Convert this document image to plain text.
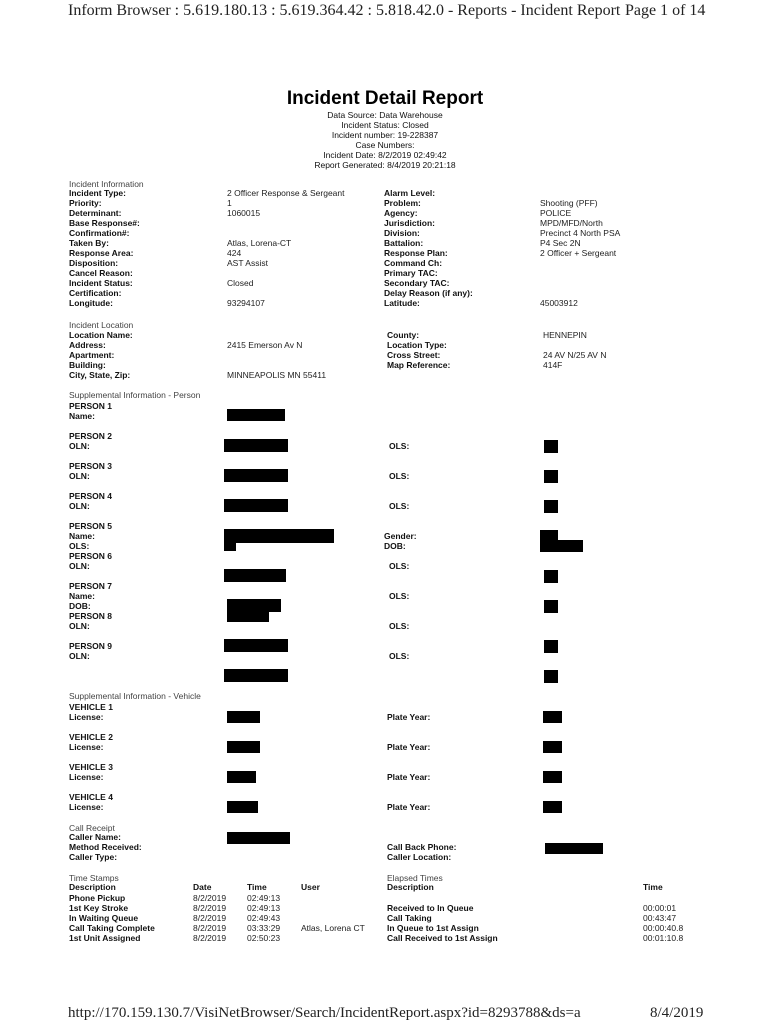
Inform Browser : 5.619.180.13 : 5.619.364.42 : 5.818.42.0 - Reports - Incident Report Page 1 of 14
Incident Detail Report
Data Source: Data Warehouse
Incident Status: Closed
Incident number: 19-228387
Case Numbers:
Incident Date: 8/2/2019 02:49:42
Report Generated: 8/4/2019 20:21:18
Incident Information
Incident Type:	2 Officer Response & Sergeant	Alarm Level:
Priority:	1	Problem:	Shooting (PFF)
Determinant:	1060015	Agency:	POLICE
Base Response#:	Jurisdiction:	MPD/MFD/North
Confirmation#:	Division:	Precinct 4 North PSA
Taken By:	Atlas, Lorena-CT	Battalion:	P4 Sec 2N
Response Area:	424	Response Plan:	2 Officer + Sergeant
Disposition:	AST Assist	Command Ch:
Cancel Reason:	Primary TAC:
Incident Status:	Closed	Secondary TAC:
Certification:	Delay Reason (if any):
Longitude:	93294107	Latitude:	45003912
Incident Location
Location Name:
Address:	2415 Emerson Av N
Apartment:
Building:
City, State, Zip:	MINNEAPOLIS MN 55411
County:	HENNEPIN
Location Type:
Cross Street:	24 AV N/25 AV N
Map Reference:	414F
Supplemental Information - Person
PERSON 1
Name:
PERSON 2
OLN:	OLS:
PERSON 3
OLN:	OLS:
PERSON 4
OLN:	OLS:
PERSON 5
Name:
OLS:
Gender:
DOB:
PERSON 6
OLN:	OLS:
PERSON 7
Name:
DOB:
OLS:
PERSON 8
OLN:	OLS:
PERSON 9
OLN:	OLS:
Supplemental Information - Vehicle
VEHICLE 1
License:	Plate Year:
VEHICLE 2
License:	Plate Year:
VEHICLE 3
License:	Plate Year:
VEHICLE 4
License:	Plate Year:
Call Receipt
Caller Name:
Method Received:
Caller Type:
Call Back Phone:
Caller Location:
Time Stamps	Elapsed Times
Description	Date	Time	User
Phone Pickup	8/2/2019 02:49:13
1st Key Stroke	8/2/2019 02:49:13
In Waiting Queue	8/2/2019 02:49:43
Call Taking Complete	8/2/2019 03:33:29 Atlas, Lorena CT
1st Unit Assigned	8/2/2019 02:50:23
Description	Time
Received to In Queue	00:00:01
Call Taking	00:43:47
In Queue to 1st Assign	00:00:40.8
Call Received to 1st Assign	00:01:10.8
http://170.159.130.7/VisiNetBrowser/Search/IncidentReport.aspx?id=8293788&ds=a	8/4/2019
